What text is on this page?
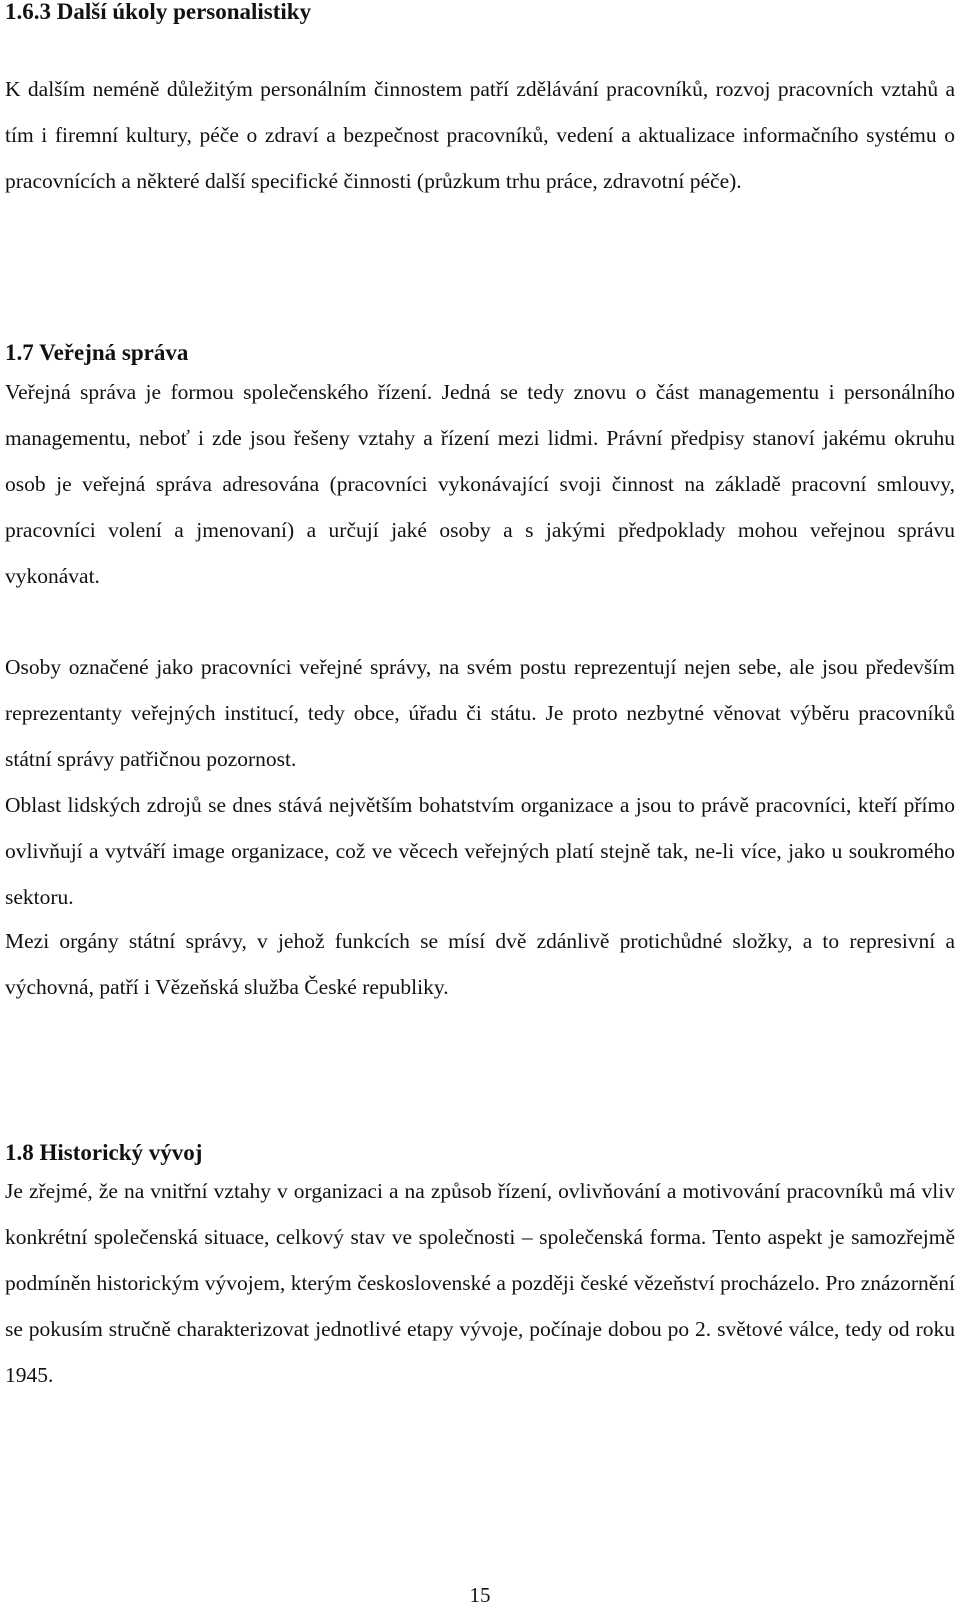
1.6.3 Další úkoly personalistiky

K dalším neméně důležitým personálním činnostem patří zdělávání pracovníků, rozvoj pracovních vztahů a tím i firemní kultury, péče o zdraví a bezpečnost pracovníků, vedení a aktualizace informačního systému o pracovnících a některé další specifické činnosti (průzkum trhu práce, zdravotní péče).

1.7 Veřejná správa

Veřejná správa je formou společenského řízení. Jedná se tedy znovu o část managementu i personálního managementu, neboť i zde jsou řešeny vztahy a řízení mezi lidmi. Právní předpisy stanoví jakému okruhu osob je veřejná správa adresována (pracovníci vykonávající svoji činnost na základě pracovní smlouvy, pracovníci volení a jmenovaní) a určují jaké osoby a s jakými předpoklady mohou veřejnou správu vykonávat.

Osoby označené jako pracovníci veřejné správy, na svém postu reprezentují nejen sebe, ale jsou především reprezentanty veřejných institucí, tedy obce, úřadu či státu. Je proto nezbytné věnovat výběru pracovníků státní správy patřičnou pozornost.

Oblast lidských zdrojů se dnes stává největším bohatstvím organizace a jsou to právě pracovníci, kteří přímo ovlivňují a vytváří image organizace, což ve věcech veřejných platí stejně tak, ne-li více, jako u soukromého sektoru.

Mezi orgány státní správy, v jehož funkcích se mísí dvě zdánlivě protichůdné složky, a to represivní a výchovná, patří i Vězeňská služba České republiky.

1.8 Historický vývoj

Je zřejmé, že na vnitřní vztahy v organizaci a na způsob řízení, ovlivňování a motivování pracovníků má vliv konkrétní společenská situace, celkový stav ve společnosti – společenská forma. Tento aspekt je samozřejmě podmíněn historickým vývojem, kterým československé a později české vězeňství procházelo. Pro znázornění se pokusím stručně charakterizovat jednotlivé etapy vývoje, počínaje dobou po 2. světové válce, tedy od roku 1945.

15
